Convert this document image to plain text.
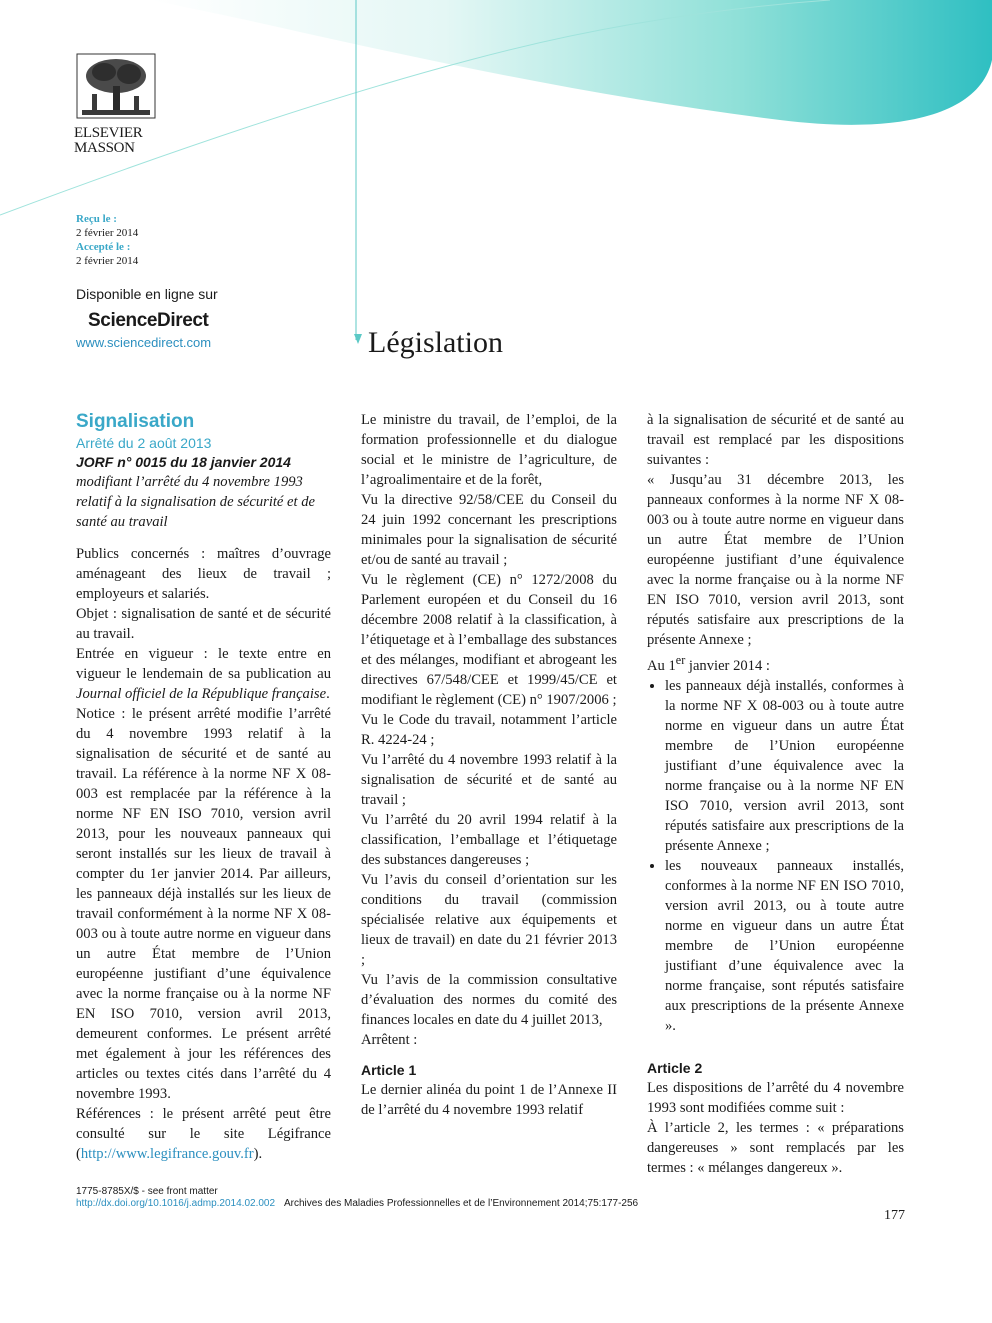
ELSEVIER
MASSON
Reçu le :
2 février 2014
Accepté le :
2 février 2014
Disponible en ligne sur
ScienceDirect
www.sciencedirect.com	Législation

Signalisation

Arrêté du 2 août 2013

JORF n° 0015 du 18 janvier 2014

modifiant l’arrêté du 4 novembre 1993 relatif à la signalisation de sécurité et de santé au travail

Publics concernés : maîtres d’ouvrage aménageant des lieux de travail ; employeurs et salariés.

Objet : signalisation de santé et de sécurité au travail.

Entrée en vigueur : le texte entre en vigueur le lendemain de sa publication au Journal officiel de la République française.

Notice : le présent arrêté modifie l’arrêté du 4 novembre 1993 relatif à la signalisation de sécurité et de santé au travail. La référence à la norme NF X 08-003 est remplacée par la référence à la norme NF EN ISO 7010, version avril 2013, pour les nouveaux panneaux qui seront installés sur les lieux de travail à compter du 1er janvier 2014. Par ailleurs, les panneaux déjà installés sur les lieux de travail conformément à la norme NF X 08-003 ou à toute autre norme en vigueur dans un autre État membre de l’Union européenne justifiant d’une équivalence avec la norme française ou à la norme NF EN ISO 7010, version avril 2013, demeurent conformes. Le présent arrêté met également à jour les références des articles ou textes cités dans l’arrêté du 4 novembre 1993.

Références : le présent arrêté peut être consulté sur le site Légifrance (http://www.legifrance.gouv.fr).

Le ministre du travail, de l’emploi, de la formation professionnelle et du dialogue social et le ministre de l’agriculture, de l’agroalimentaire et de la forêt,

Vu la directive 92/58/CEE du Conseil du 24 juin 1992 concernant les prescriptions minimales pour la signalisation de sécurité et/ou de santé au travail ;

Vu le règlement (CE) n° 1272/2008 du Parlement européen et du Conseil du 16 décembre 2008 relatif à la classification, à l’étiquetage et à l’emballage des substances et des mélanges, modifiant et abrogeant les directives 67/548/CEE et 1999/45/CE et modifiant le règlement (CE) n° 1907/2006 ;

Vu le Code du travail, notamment l’article R. 4224-24 ;

Vu l’arrêté du 4 novembre 1993 relatif à la signalisation de sécurité et de santé au travail ;

Vu l’arrêté du 20 avril 1994 relatif à la classification, l’emballage et l’étiquetage des substances dangereuses ;

Vu l’avis du conseil d’orientation sur les conditions du travail (commission spécialisée relative aux équipements et lieux de travail) en date du 21 février 2013 ;

Vu l’avis de la commission consultative d’évaluation des normes du comité des finances locales en date du 4 juillet 2013,

Arrêtent :

Article 1

Le dernier alinéa du point 1 de l’Annexe II de l’arrêté du 4 novembre 1993 relatif

à la signalisation de sécurité et de santé au travail est remplacé par les dispositions suivantes :

« Jusqu’au 31 décembre 2013, les panneaux conformes à la norme NF X 08-003 ou à toute autre norme en vigueur dans un autre État membre de l’Union européenne justifiant d’une équivalence avec la norme française ou à la norme NF EN ISO 7010, version avril 2013, sont réputés satisfaire aux prescriptions de la présente Annexe ;

Au 1er janvier 2014 :

• les panneaux déjà installés, conformes à la norme NF X 08-003 ou à toute autre norme en vigueur dans un autre État membre de l’Union européenne justifiant d’une équivalence avec la norme française ou à la norme NF EN ISO 7010, version avril 2013, sont réputés satisfaire aux prescriptions de la présente Annexe ;
• les nouveaux panneaux installés, conformes à la norme NF EN ISO 7010, version avril 2013, ou à toute autre norme en vigueur dans un autre État membre de l’Union européenne justifiant d’une équivalence avec la norme française, sont réputés satisfaire aux prescriptions de la présente Annexe ».

Article 2

Les dispositions de l’arrêté du 4 novembre 1993 sont modifiées comme suit :

À l’article 2, les termes : « préparations dangereuses » sont remplacés par les termes : « mélanges dangereux ».

1775-8785X/$ - see front matter
http://dx.doi.org/10.1016/j.admp.2014.02.002 Archives des Maladies Professionnelles et de l’Environnement 2014;75:177-256
177
